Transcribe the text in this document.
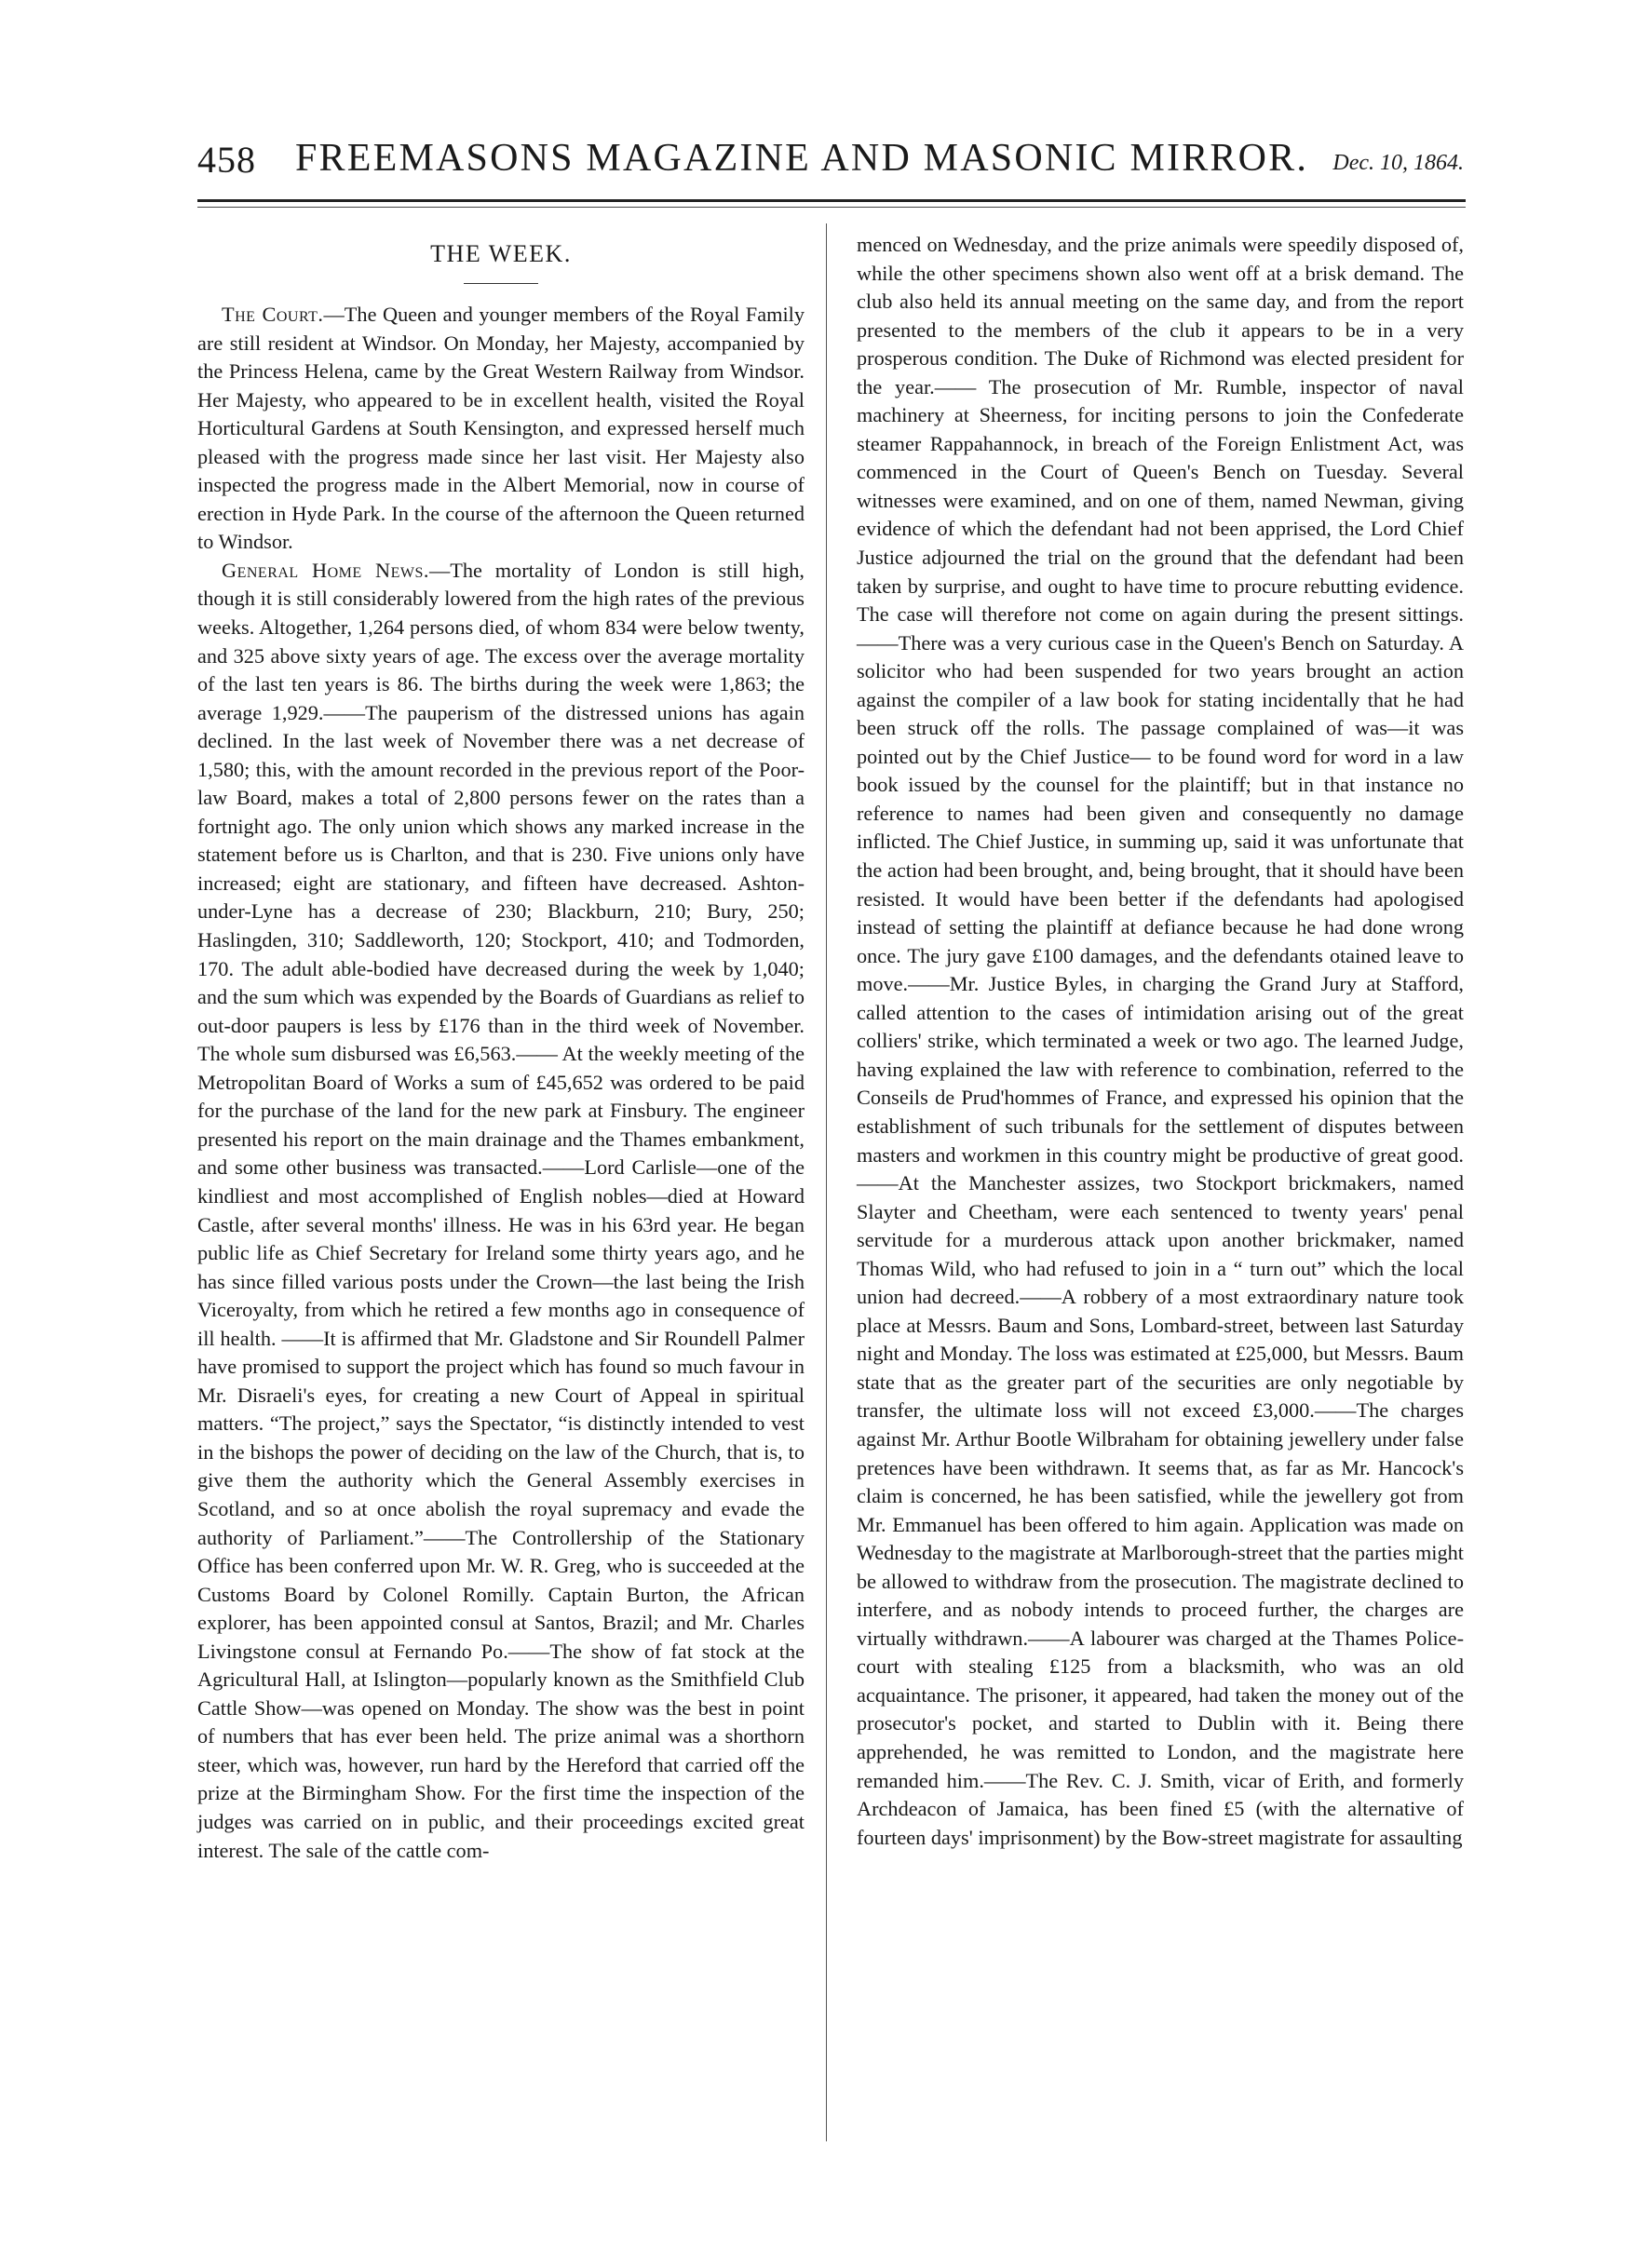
458 FREEMASONS MAGAZINE AND MASONIC MIRROR. Dec. 10, 1864.
THE WEEK.

The Court.—The Queen and younger members of the Royal Family are still resident at Windsor. On Monday, her Majesty, accompanied by the Princess Helena, came by the Great Western Railway from Windsor. Her Majesty, who appeared to be in excellent health, visited the Royal Horticultural Gardens at South Kensington, and expressed herself much pleased with the progress made since her last visit. Her Majesty also inspected the progress made in the Albert Memorial, now in course of erection in Hyde Park. In the course of the afternoon the Queen returned to Windsor.

General Home News.—The mortality of London is still high, though it is still considerably lowered from the high rates of the previous weeks. Altogether, 1,264 persons died, of whom 834 were below twenty, and 325 above sixty years of age. The excess over the average mortality of the last ten years is 86. The births during the week were 1,863; the average 1,929.——The pauperism of the distressed unions has again declined. In the last week of November there was a net decrease of 1,580; this, with the amount recorded in the previous report of the Poor-law Board, makes a total of 2,800 persons fewer on the rates than a fortnight ago. The only union which shows any marked increase in the statement before us is Charlton, and that is 230. Five unions only have increased; eight are stationary, and fifteen have decreased. Ashton-under-Lyne has a decrease of 230; Blackburn, 210; Bury, 250; Haslingden, 310; Saddleworth, 120; Stockport, 410; and Todmorden, 170. The adult able-bodied have decreased during the week by 1,040; and the sum which was expended by the Boards of Guardians as relief to out-door paupers is less by £176 than in the third week of November. The whole sum disbursed was £6,563.—— At the weekly meeting of the Metropolitan Board of Works a sum of £45,652 was ordered to be paid for the purchase of the land for the new park at Finsbury. The engineer presented his report on the main drainage and the Thames embankment, and some other business was transacted.——Lord Carlisle—one of the kindliest and most accomplished of English nobles—died at Howard Castle, after several months' illness. He was in his 63rd year. He began public life as Chief Secretary for Ireland some thirty years ago, and he has since filled various posts under the Crown—the last being the Irish Viceroyalty, from which he retired a few months ago in consequence of ill health. ——It is affirmed that Mr. Gladstone and Sir Roundell Palmer have promised to support the project which has found so much favour in Mr. Disraeli's eyes, for creating a new Court of Appeal in spiritual matters. “The project,” says the Spectator, “is distinctly intended to vest in the bishops the power of deciding on the law of the Church, that is, to give them the authority which the General Assembly exercises in Scotland, and so at once abolish the royal supremacy and evade the authority of Parliament.”——The Controllership of the Stationary Office has been conferred upon Mr. W. R. Greg, who is succeeded at the Customs Board by Colonel Romilly. Captain Burton, the African explorer, has been appointed consul at Santos, Brazil; and Mr. Charles Livingstone consul at Fernando Po.——The show of fat stock at the Agricultural Hall, at Islington—popularly known as the Smithfield Club Cattle Show—was opened on Monday. The show was the best in point of numbers that has ever been held. The prize animal was a shorthorn steer, which was, however, run hard by the Hereford that carried off the prize at the Birmingham Show. For the first time the inspection of the judges was carried on in public, and their proceedings excited great interest. The sale of the cattle com-

menced on Wednesday, and the prize animals were speedily disposed of, while the other specimens shown also went off at a brisk demand. The club also held its annual meeting on the same day, and from the report presented to the members of the club it appears to be in a very prosperous condition. The Duke of Richmond was elected president for the year.—— The prosecution of Mr. Rumble, inspector of naval machinery at Sheerness, for inciting persons to join the Confederate steamer Rappahannock, in breach of the Foreign Enlistment Act, was commenced in the Court of Queen's Bench on Tuesday. Several witnesses were examined, and on one of them, named Newman, giving evidence of which the defendant had not been apprised, the Lord Chief Justice adjourned the trial on the ground that the defendant had been taken by surprise, and ought to have time to procure rebutting evidence. The case will therefore not come on again during the present sittings. ——There was a very curious case in the Queen's Bench on Saturday. A solicitor who had been suspended for two years brought an action against the compiler of a law book for stating incidentally that he had been struck off the rolls. The passage complained of was—it was pointed out by the Chief Justice— to be found word for word in a law book issued by the counsel for the plaintiff; but in that instance no reference to names had been given and consequently no damage inflicted. The Chief Justice, in summing up, said it was unfortunate that the action had been brought, and, being brought, that it should have been resisted. It would have been better if the defendants had apologised instead of setting the plaintiff at defiance because he had done wrong once. The jury gave £100 damages, and the defendants otained leave to move.——Mr. Justice Byles, in charging the Grand Jury at Stafford, called attention to the cases of intimidation arising out of the great colliers' strike, which terminated a week or two ago. The learned Judge, having explained the law with reference to combination, referred to the Conseils de Prud'hommes of France, and expressed his opinion that the establishment of such tribunals for the settlement of disputes between masters and workmen in this country might be productive of great good.——At the Manchester assizes, two Stockport brickmakers, named Slayter and Cheetham, were each sentenced to twenty years' penal servitude for a murderous attack upon another brickmaker, named Thomas Wild, who had refused to join in a “ turn out” which the local union had decreed.——A robbery of a most extraordinary nature took place at Messrs. Baum and Sons, Lombard-street, between last Saturday night and Monday. The loss was estimated at £25,000, but Messrs. Baum state that as the greater part of the securities are only negotiable by transfer, the ultimate loss will not exceed £3,000.——The charges against Mr. Arthur Bootle Wilbraham for obtaining jewellery under false pretences have been withdrawn. It seems that, as far as Mr. Hancock's claim is concerned, he has been satisfied, while the jewellery got from Mr. Emmanuel has been offered to him again. Application was made on Wednesday to the magistrate at Marlborough-street that the parties might be allowed to withdraw from the prosecution. The magistrate declined to interfere, and as nobody intends to proceed further, the charges are virtually withdrawn.——A labourer was charged at the Thames Police-court with stealing £125 from a blacksmith, who was an old acquaintance. The prisoner, it appeared, had taken the money out of the prosecutor's pocket, and started to Dublin with it. Being there apprehended, he was remitted to London, and the magistrate here remanded him.——The Rev. C. J. Smith, vicar of Erith, and formerly Archdeacon of Jamaica, has been fined £5 (with the alternative of fourteen days' imprisonment) by the Bow-street magistrate for assaulting
